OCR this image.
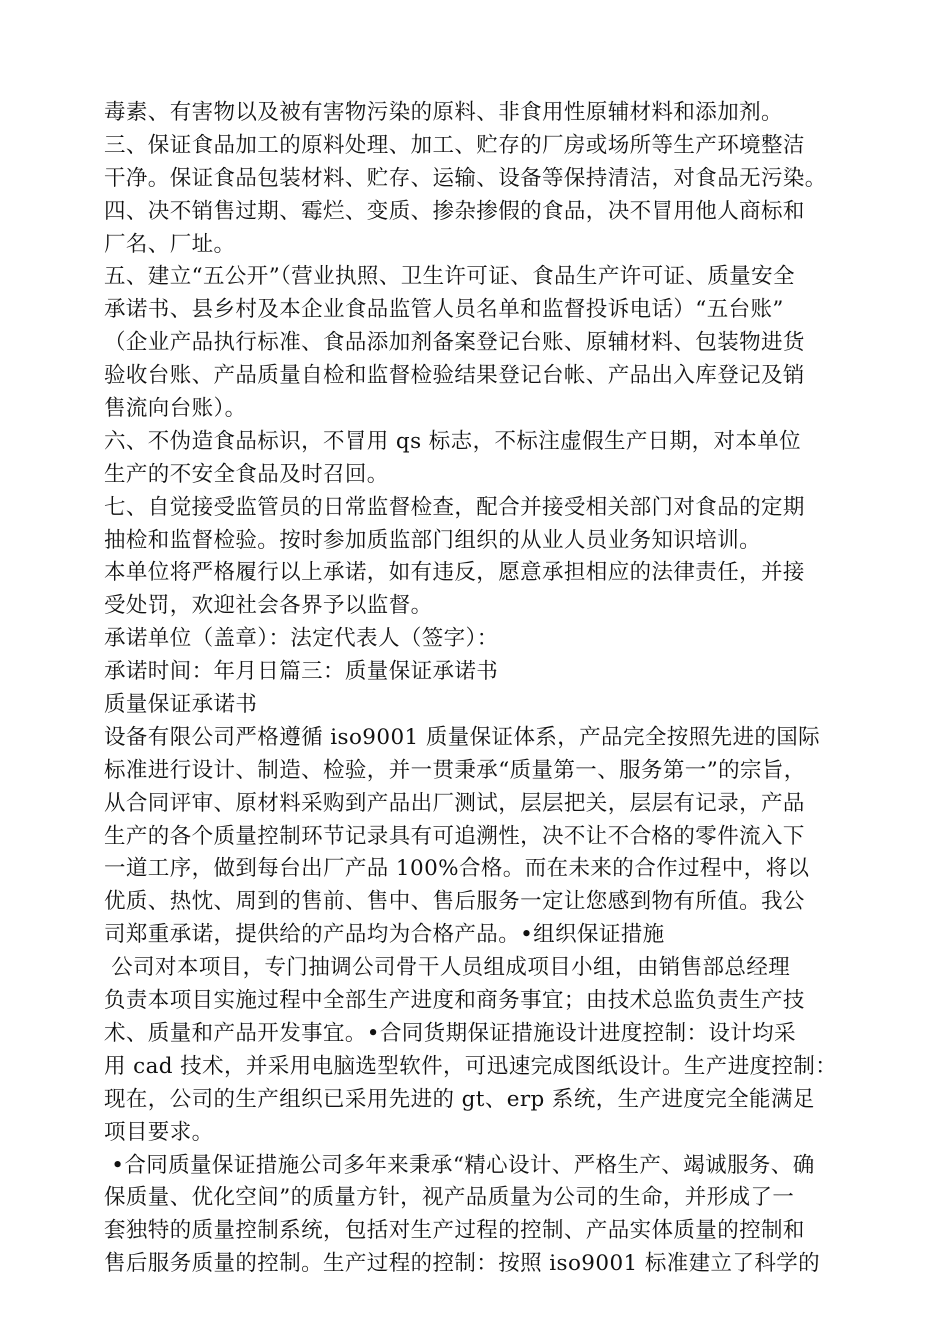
毒素、有害物以及被有害物污染的原料、非食用性原辅材料和添加剂。
三、保证食品加工的原料处理、加工、贮存的厂房或场所等生产环境整洁
干净。保证食品包装材料、贮存、运输、设备等保持清洁，对食品无污染。
四、决不销售过期、霉烂、变质、掺杂掺假的食品，决不冒用他人商标和
厂名、厂址。
五、建立“五公开”（营业执照、卫生许可证、食品生产许可证、质量安全
承诺书、县乡村及本企业食品监管人员名单和监督投诉电话）“五台账”
（企业产品执行标准、食品添加剂备案登记台账、原辅材料、包装物进货
验收台账、产品质量自检和监督检验结果登记台帐、产品出入库登记及销
售流向台账）。
六、不伪造食品标识，不冒用 qs 标志，不标注虚假生产日期，对本单位
生产的不安全食品及时召回。
七、自觉接受监管员的日常监督检查，配合并接受相关部门对食品的定期
抽检和监督检验。按时参加质监部门组织的从业人员业务知识培训。
本单位将严格履行以上承诺，如有违反，愿意承担相应的法律责任，并接
受处罚，欢迎社会各界予以监督。
承诺单位（盖章）：法定代表人（签字）：
承诺时间：年月日篇三：质量保证承诺书
质量保证承诺书
设备有限公司严格遵循 iso9001 质量保证体系，产品完全按照先进的国际
标准进行设计、制造、检验，并一贯秉承“质量第一、服务第一”的宗旨，
从合同评审、原材料采购到产品出厂测试，层层把关，层层有记录，产品
生产的各个质量控制环节记录具有可追溯性，决不让不合格的零件流入下
一道工序，做到每台出厂产品 100%合格。而在未来的合作过程中，将以
优质、热忱、周到的售前、售中、售后服务一定让您感到物有所值。我公
司郑重承诺，提供给的产品均为合格产品。•组织保证措施
公司对本项目，专门抽调公司骨干人员组成项目小组，由销售部总经理
负责本项目实施过程中全部生产进度和商务事宜；由技术总监负责生产技
术、质量和产品开发事宜。•合同货期保证措施设计进度控制：设计均采
用 cad 技术，并采用电脑选型软件，可迅速完成图纸设计。生产进度控制：
现在，公司的生产组织已采用先进的 gt、erp 系统，生产进度完全能满足
项目要求。
•合同质量保证措施公司多年来秉承“精心设计、严格生产、竭诚服务、确
保质量、优化空间”的质量方针，视产品质量为公司的生命，并形成了一
套独特的质量控制系统，包括对生产过程的控制、产品实体质量的控制和
售后服务质量的控制。生产过程的控制：按照 iso9001 标准建立了科学的
